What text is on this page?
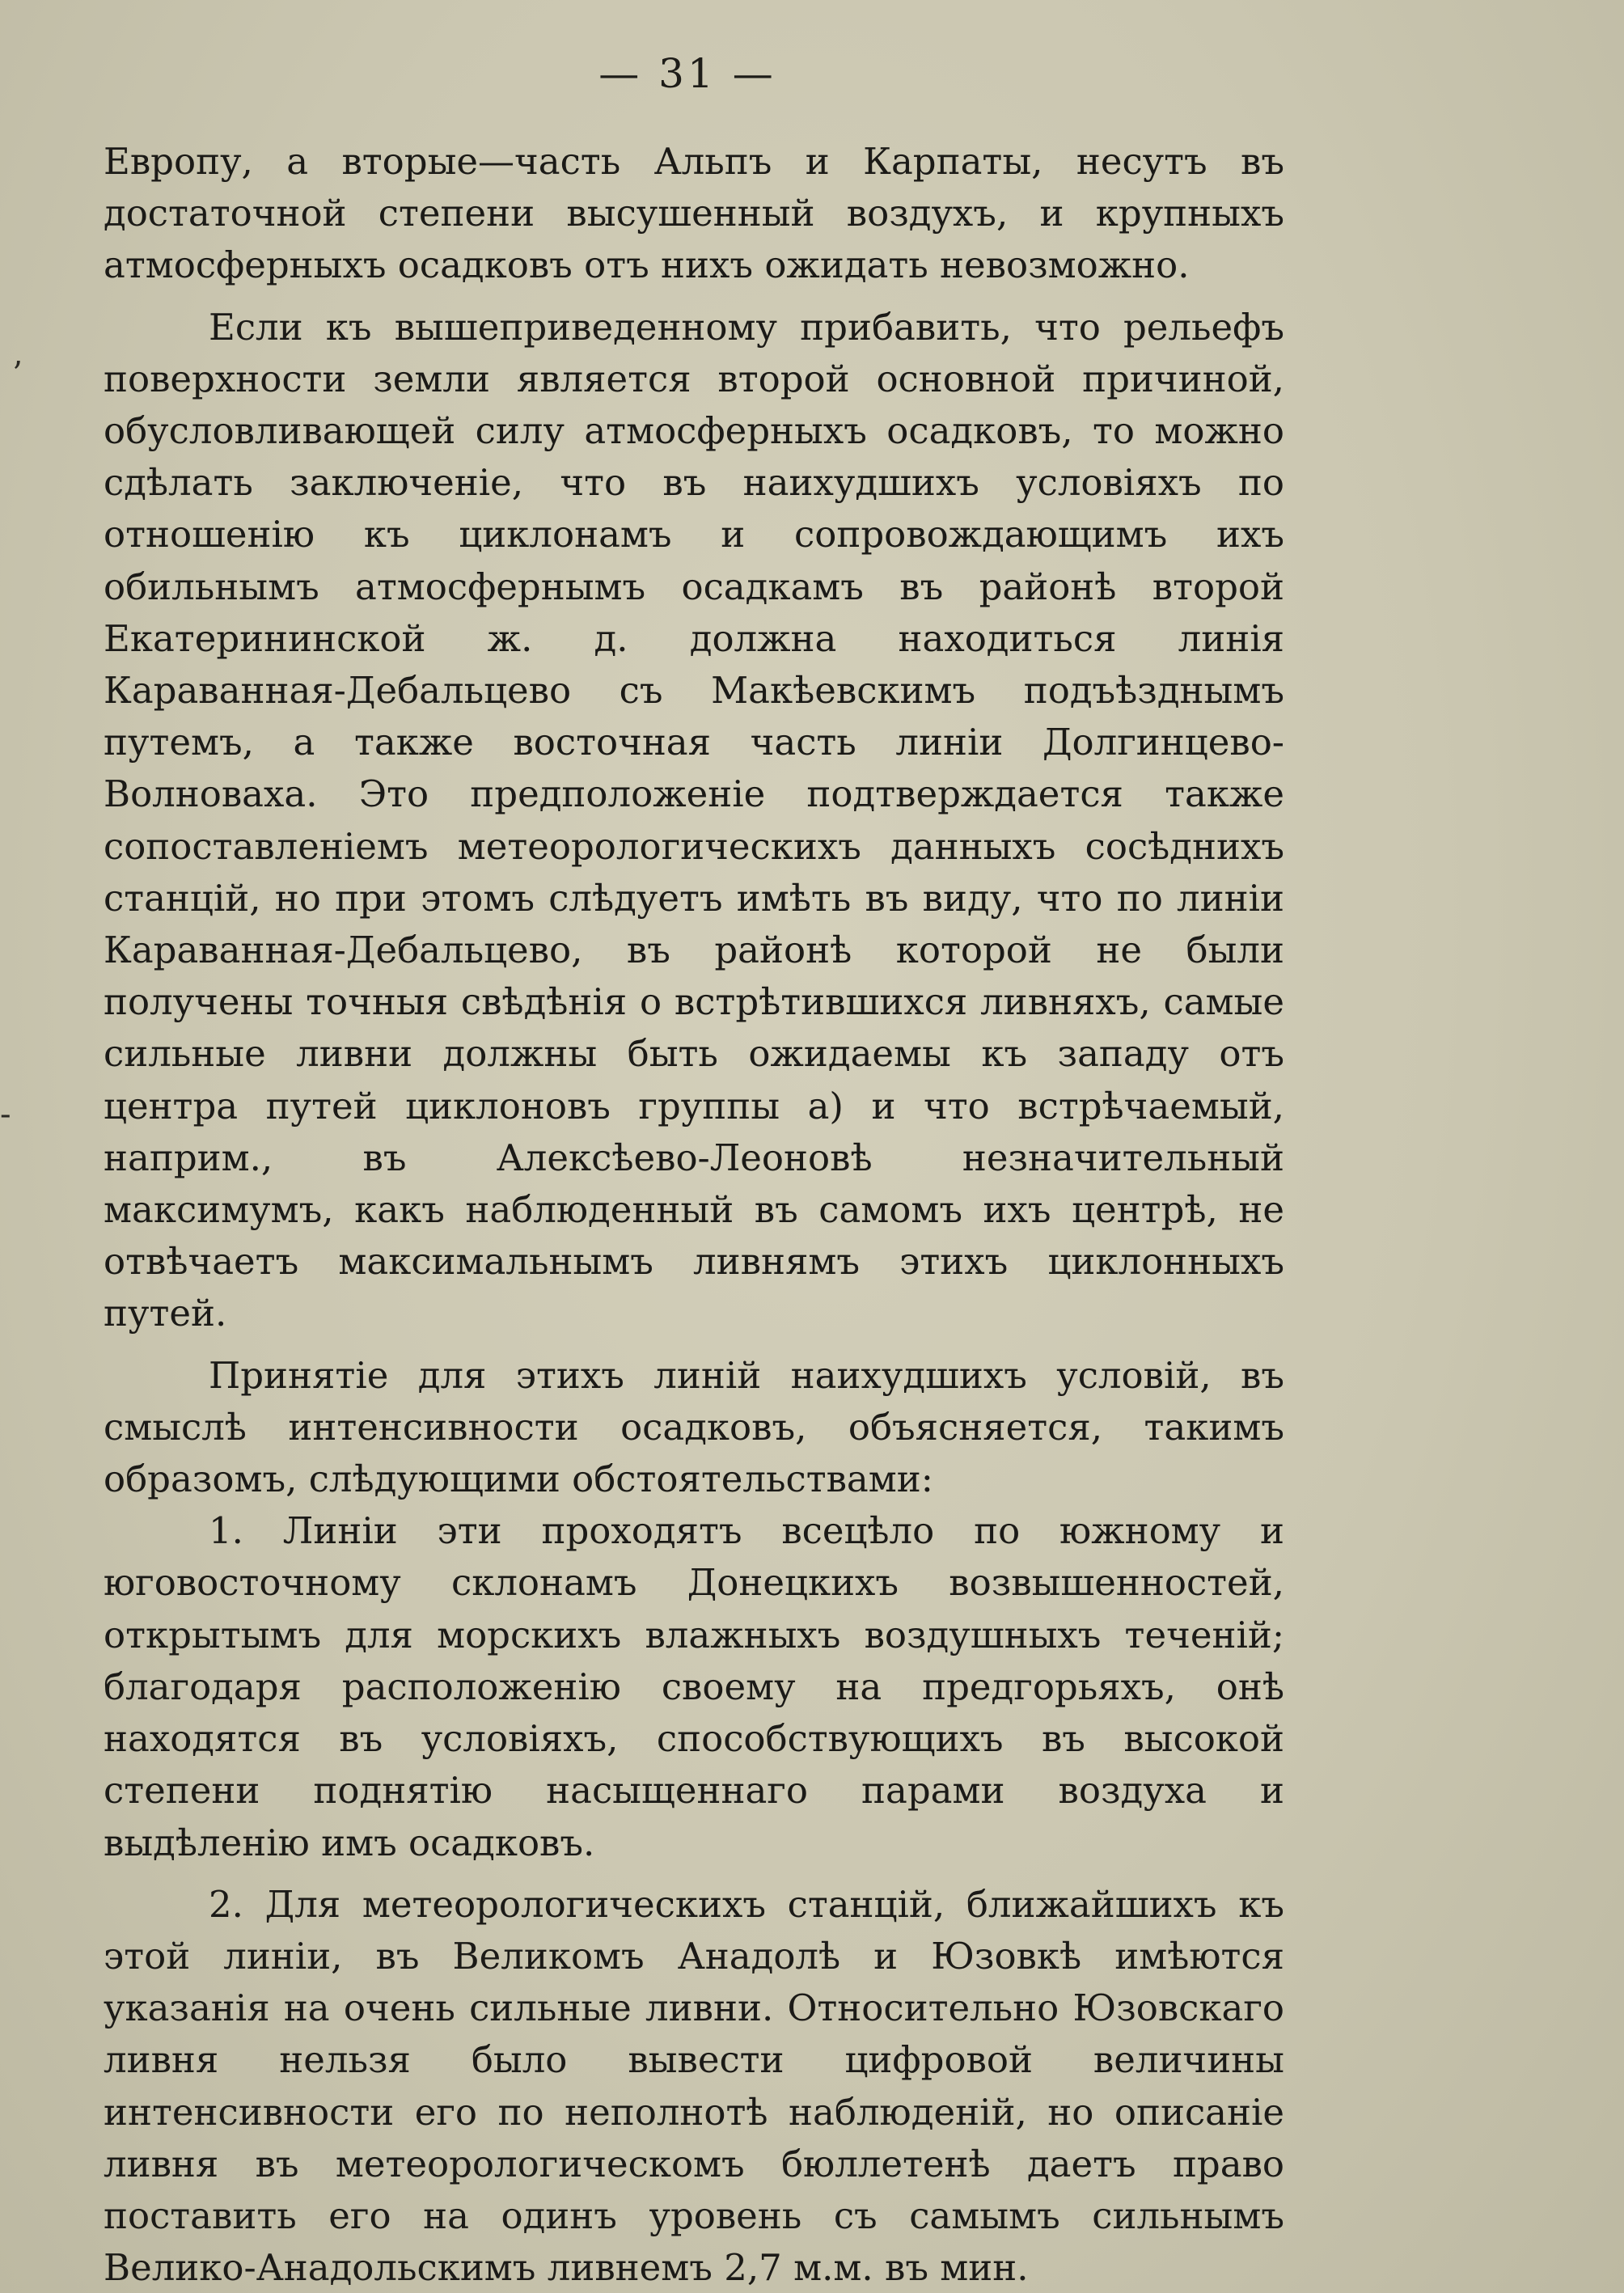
— 31 —
ʼ
-

Европу, а вторые—часть Альпъ и Карпаты, несутъ въ достаточной степени высушенный воздухъ, и крупныхъ атмосферныхъ осадковъ отъ нихъ ожидать невозможно.

Если къ вышеприведенному прибавить, что рельефъ поверхности земли является второй основной причиной, обусловливающей силу атмосферныхъ осадковъ, то можно сдѣлать заключеніе, что въ наихудшихъ условіяхъ по отношенію къ циклонамъ и сопровождающимъ ихъ обильнымъ атмосфернымъ осадкамъ въ районѣ второй Екатерининской ж. д. должна находиться линія Караванная-Дебальцево съ Макѣевскимъ подъѣзднымъ путемъ, а также восточная часть линіи Долгинцево-Волноваха. Это предположеніе подтверждается также сопоставленіемъ метеорологическихъ данныхъ сосѣднихъ станцій, но при этомъ слѣдуетъ имѣть въ виду, что по линіи Караванная-Дебальцево, въ районѣ которой не были получены точныя свѣдѣнія о встрѣтившихся ливняхъ, самые сильные ливни должны быть ожидаемы къ западу отъ центра путей циклоновъ группы а) и что встрѣчаемый, наприм., въ Алексѣево-Леоновѣ незначительный максимумъ, какъ наблюденный въ самомъ ихъ центрѣ, не отвѣчаетъ максимальнымъ ливнямъ этихъ циклонныхъ путей.

Принятіе для этихъ линій наихудшихъ условій, въ смыслѣ интенсивности осадковъ, объясняется, такимъ образомъ, слѣдующими обстоятельствами:

1. Линіи эти проходятъ всецѣло по южному и юговосточному склонамъ Донецкихъ возвышенностей, открытымъ для морскихъ влажныхъ воздушныхъ теченій; благодаря расположенію своему на предгорьяхъ, онѣ находятся въ условіяхъ, способствующихъ въ высокой степени поднятію насыщеннаго парами воздуха и выдѣленію имъ осадковъ.

2. Для метеорологическихъ станцій, ближайшихъ къ этой линіи, въ Великомъ Анадолѣ и Юзовкѣ имѣются указанія на очень сильные ливни. Относительно Юзовскаго ливня нельзя было вывести цифровой величины интенсивности его по неполнотѣ наблюденій, но описаніе ливня въ метеорологическомъ бюллетенѣ даетъ право поставить его на одинъ уровень съ самымъ сильнымъ Велико-Анадольскимъ ливнемъ 2,7 м.м. въ мин.
